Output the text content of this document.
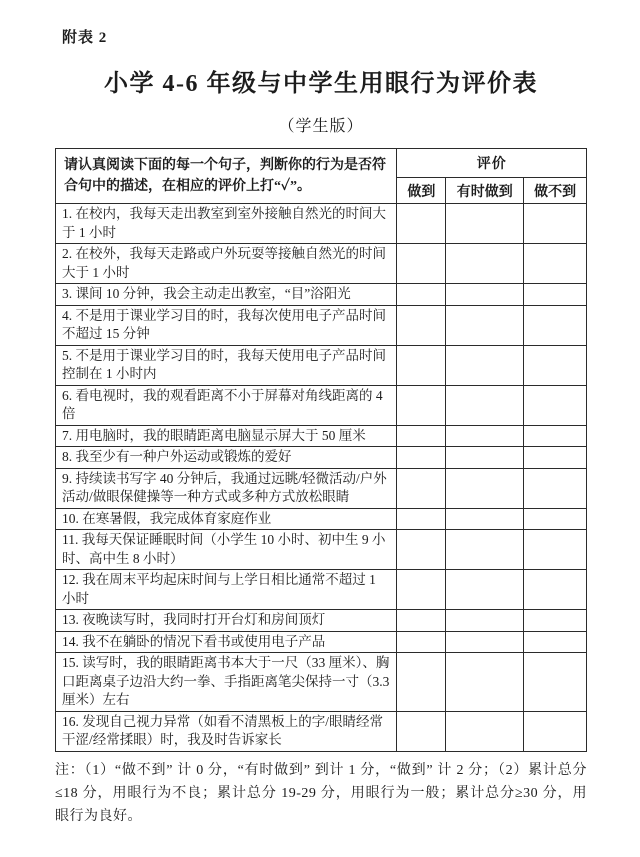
附表 2
小学 4-6 年级与中学生用眼行为评价表
（学生版）
请认真阅读下面的每一个句子，判断你的行为是否符合句中的描述，在相应的评价上打“✓”。	评价		
	做到	有时做到	做不到
1. 在校内，我每天走出教室到室外接触自然光的时间大于 1 小时			
2. 在校外，我每天走路或户外玩耍等接触自然光的时间大于 1 小时			
3. 课间 10 分钟，我会主动走出教室，“目”浴阳光			
4. 不是用于课业学习目的时，我每次使用电子产品时间不超过 15 分钟			
5. 不是用于课业学习目的时，我每天使用电子产品时间控制在 1 小时内			
6. 看电视时，我的观看距离不小于屏幕对角线距离的 4 倍			
7. 用电脑时，我的眼睛距离电脑显示屏大于 50 厘米			
8. 我至少有一种户外运动或锻炼的爱好			
9. 持续读书写字 40 分钟后，我通过远眺/轻微活动/户外活动/做眼保健操等一种方式或多种方式放松眼睛			
10. 在寒暑假，我完成体育家庭作业			
11. 我每天保证睡眠时间（小学生 10 小时、初中生 9 小时、高中生 8 小时）			
12. 我在周末平均起床时间与上学日相比通常不超过 1 小时			
13. 夜晚读写时，我同时打开台灯和房间顶灯			
14. 我不在躺卧的情况下看书或使用电子产品			
15. 读写时，我的眼睛距离书本大于一尺（33 厘米）、胸口距离桌子边沿大约一拳、手指距离笔尖保持一寸（3.3 厘米）左右			
16. 发现自己视力异常（如看不清黑板上的字/眼睛经常干涩/经常揉眼）时，我及时告诉家长			
注：（1）“做不到” 计 0 分，“有时做到” 到计 1 分，“做到” 计 2 分；（2）累计总分≤18 分，用眼行为不良；累计总分 19-29 分，用眼行为一般；累计总分≥30 分，用眼行为良好。
